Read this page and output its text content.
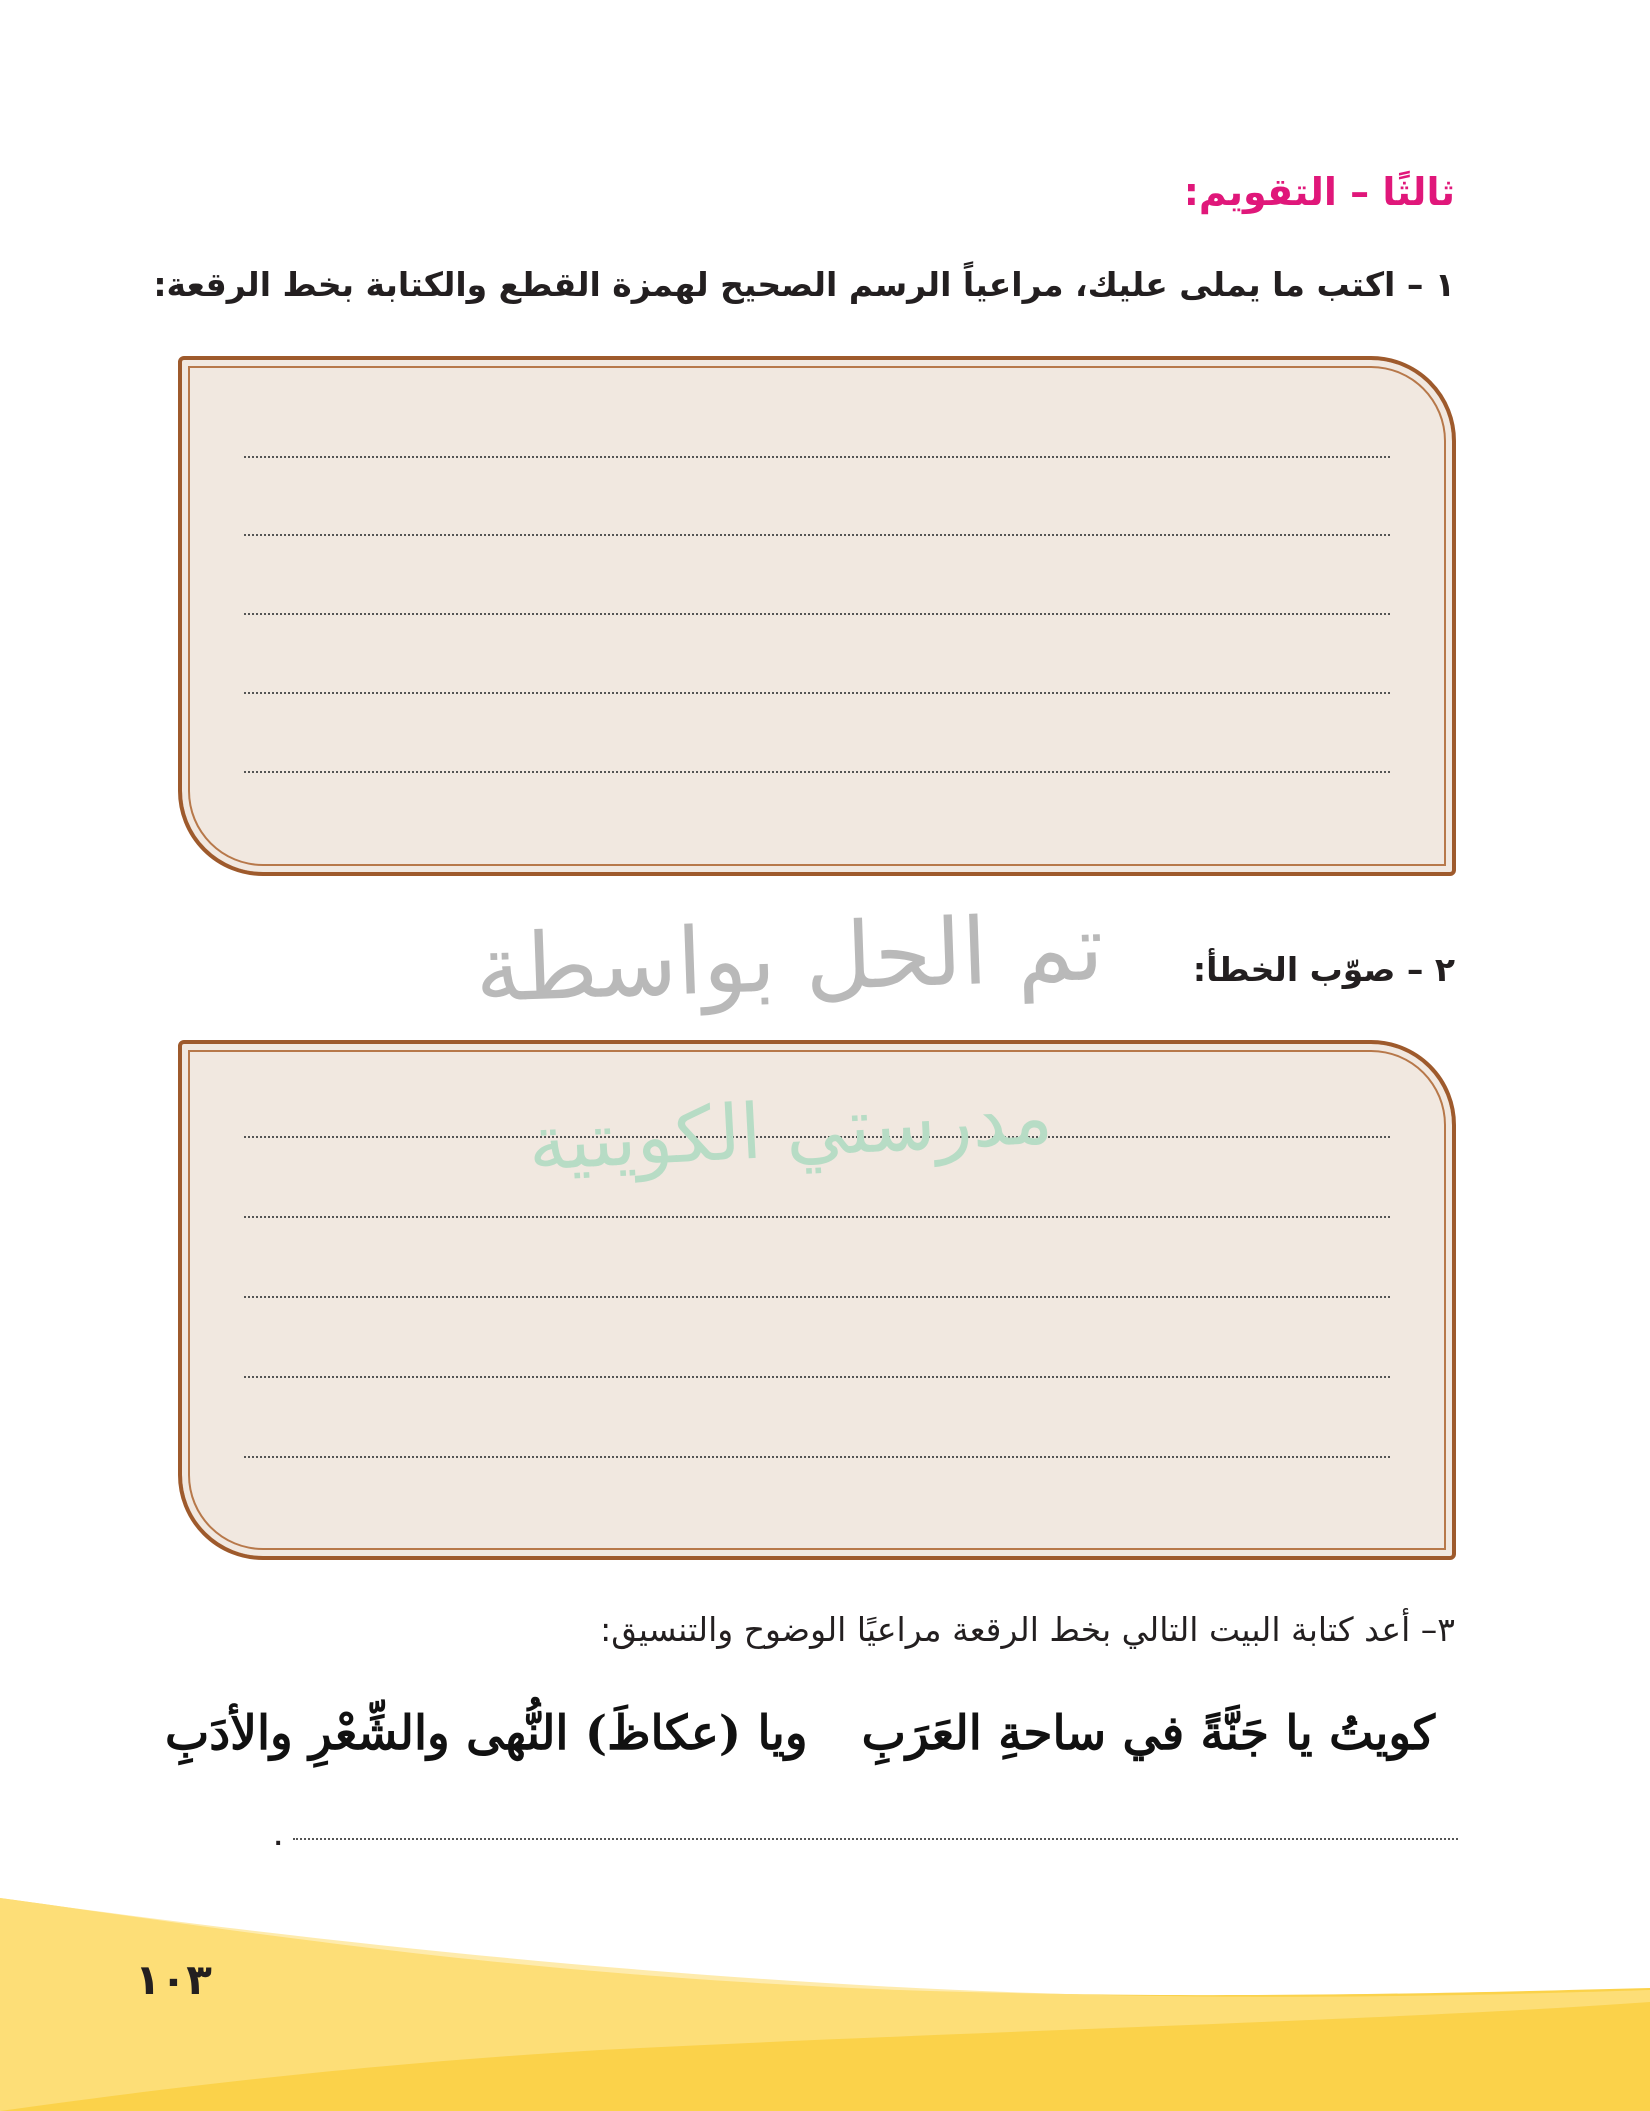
ثالثًا – التقويم:
١ – اكتب ما يملى عليك، مراعياً الرسم الصحيح لهمزة القطع والكتابة بخط الرقعة:
٢ – صوّب الخطأ:
تم الحل بواسطة
مدرستي الكويتية
٣– أعد كتابة البيت التالي بخط الرقعة مراعيًا الوضوح والتنسيق:
كويتُ يا جَنَّةً في ساحةِ العَرَبِ
ويا (عكاظَ) النُّهى والشِّعْرِ والأدَبِ
.
١٠٣
